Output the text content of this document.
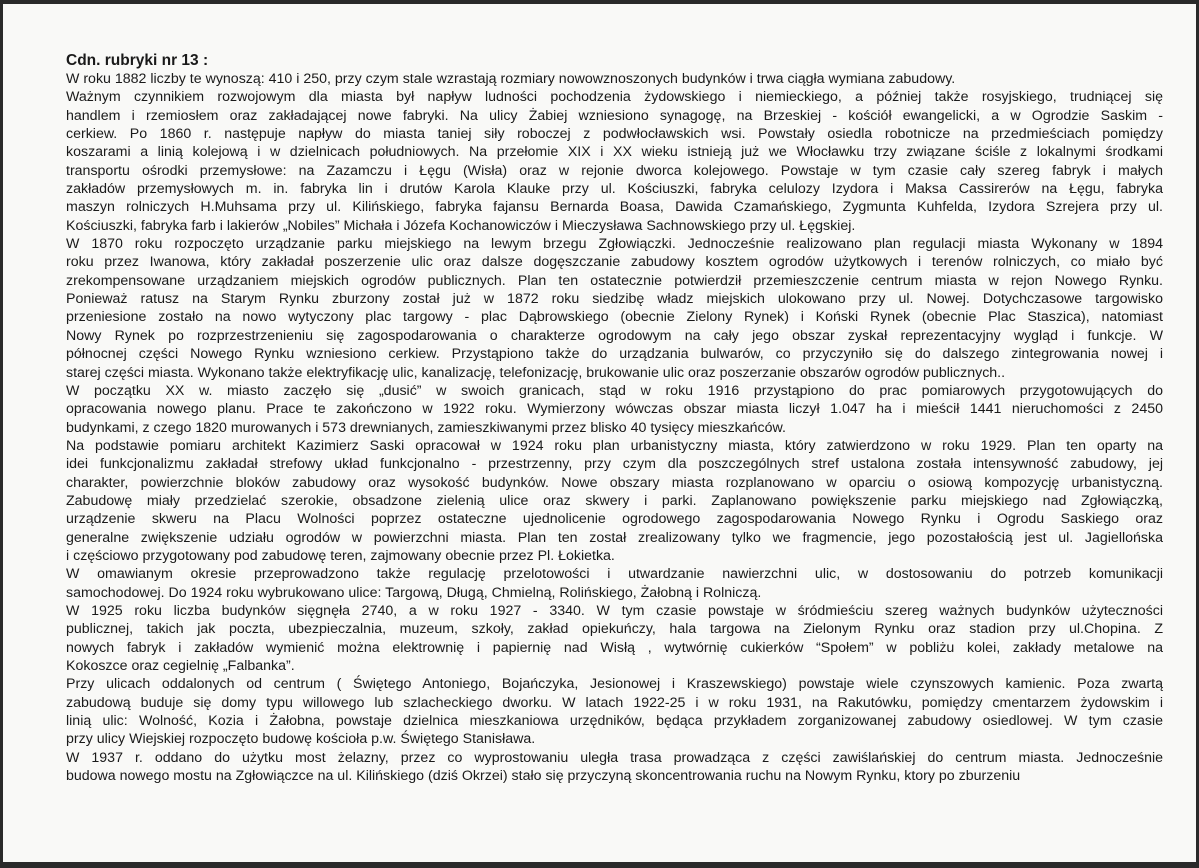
Cdn. rubryki nr 13 :
W roku 1882 liczby te wynoszą: 410 i 250, przy czym stale wzrastają rozmiary nowowznoszonych budynków i trwa ciągła wymiana zabudowy.
Ważnym czynnikiem rozwojowym dla miasta był napływ ludności pochodzenia żydowskiego i niemieckiego, a później także rosyjskiego, trudniącej się
handlem i rzemiosłem oraz zakładającej nowe fabryki. Na ulicy Żabiej wzniesiono synagogę, na Brzeskiej - kościół ewangelicki, a w Ogrodzie Saskim -
cerkiew. Po 1860 r. następuje napływ do miasta taniej siły roboczej z podwłocławskich wsi. Powstały osiedla robotnicze na przedmieściach pomiędzy
koszarami a linią kolejową i w dzielnicach południowych. Na przełomie XIX i XX wieku istnieją już we Włocławku trzy związane ściśle z lokalnymi środkami
transportu ośrodki przemysłowe: na Zazamczu i Łęgu (Wisła) oraz w rejonie dworca kolejowego. Powstaje w tym czasie cały szereg fabryk i małych
zakładów przemysłowych m. in. fabryka lin i drutów Karola Klauke przy ul. Kościuszki, fabryka celulozy Izydora i Maksa Cassirerów na Łęgu, fabryka
maszyn rolniczych H.Muhsama przy ul. Kilińskiego, fabryka fajansu Bernarda Boasa, Dawida Czamańskiego, Zygmunta Kuhfelda, Izydora Szrejera przy ul.
Kościuszki, fabryka farb i lakierów „Nobiles” Michała i Józefa Kochanowiczów i Mieczysława Sachnowskiego przy ul. Łęgskiej.
W 1870 roku rozpoczęto urządzanie parku miejskiego na lewym brzegu Zgłowiączki. Jednocześnie realizowano plan regulacji miasta Wykonany w 1894
roku przez Iwanowa, który zakładał poszerzenie ulic oraz dalsze dogęszczanie zabudowy kosztem ogrodów użytkowych i terenów rolniczych, co miało być
zrekompensowane urządzaniem miejskich ogrodów publicznych. Plan ten ostatecznie potwierdził przemieszczenie centrum miasta w rejon Nowego Rynku.
Ponieważ ratusz na Starym Rynku zburzony został już w 1872 roku siedzibę władz miejskich ulokowano przy ul. Nowej. Dotychczasowe targowisko
przeniesione zostało na nowo wytyczony plac targowy - plac Dąbrowskiego (obecnie Zielony Rynek) i Koński Rynek (obecnie Plac Staszica), natomiast
Nowy Rynek po rozprzestrzenieniu się zagospodarowania o charakterze ogrodowym na cały jego obszar zyskał reprezentacyjny wygląd i funkcje. W
północnej części Nowego Rynku wzniesiono cerkiew. Przystąpiono także do urządzania bulwarów, co przyczyniło się do dalszego zintegrowania nowej i
starej części miasta. Wykonano także elektryfikację ulic, kanalizację, telefonizację, brukowanie ulic oraz poszerzanie obszarów ogrodów publicznych..
W początku XX w. miasto zaczęło się „dusić” w swoich granicach, stąd w roku 1916 przystąpiono do prac pomiarowych przygotowujących do
opracowania nowego planu. Prace te zakończono w 1922 roku. Wymierzony wówczas obszar miasta liczył 1.047 ha i mieścił 1441 nieruchomości z 2450
budynkami, z czego 1820 murowanych i 573 drewnianych, zamieszkiwanymi przez blisko 40 tysięcy mieszkańców.
Na podstawie pomiaru architekt Kazimierz Saski opracował w 1924 roku plan urbanistyczny miasta, który zatwierdzono w roku 1929. Plan ten oparty na
idei funkcjonalizmu zakładał strefowy układ funkcjonalno - przestrzenny, przy czym dla poszczególnych stref ustalona została intensywność zabudowy, jej
charakter, powierzchnie bloków zabudowy oraz wysokość budynków. Nowe obszary miasta rozplanowano w oparciu o osiową kompozycję urbanistyczną.
Zabudowę miały przedzielać szerokie, obsadzone zielenią ulice oraz skwery i parki. Zaplanowano powiększenie parku miejskiego nad Zgłowiączką,
urządzenie skweru na Placu Wolności poprzez ostateczne ujednolicenie ogrodowego zagospodarowania Nowego Rynku i Ogrodu Saskiego oraz
generalne zwiększenie udziału ogrodów w powierzchni miasta. Plan ten został zrealizowany tylko we fragmencie, jego pozostałością jest ul. Jagiellońska
i częściowo przygotowany pod zabudowę teren, zajmowany obecnie przez Pl. Łokietka.
W omawianym okresie przeprowadzono także regulację przelotowości i utwardzanie nawierzchni ulic, w dostosowaniu do potrzeb komunikacji
samochodowej. Do 1924 roku wybrukowano ulice: Targową, Długą, Chmielną, Rolińskiego, Żałobną i Rolniczą.
W 1925 roku liczba budynków sięgnęła 2740, a w roku 1927 - 3340. W tym czasie powstaje w śródmieściu szereg ważnych budynków użyteczności
publicznej, takich jak poczta, ubezpieczalnia, muzeum, szkoły, zakład opiekuńczy, hala targowa na Zielonym Rynku oraz stadion przy ul.Chopina. Z
nowych fabryk i zakładów wymienić można elektrownię i papiernię nad Wisłą , wytwórnię cukierków “Społem” w pobliżu kolei, zakłady metalowe na
Kokoszce oraz cegielnię „Falbanka”.
Przy ulicach oddalonych od centrum ( Świętego Antoniego, Bojańczyka, Jesionowej i Kraszewskiego) powstaje wiele czynszowych kamienic. Poza zwartą
zabudową buduje się domy typu willowego lub szlacheckiego dworku. W latach 1922-25 i w roku 1931, na Rakutówku, pomiędzy cmentarzem żydowskim i
linią ulic: Wolność, Kozia i Żałobna, powstaje dzielnica mieszkaniowa urzędników, będąca przykładem zorganizowanej zabudowy osiedlowej. W tym czasie
przy ulicy Wiejskiej rozpoczęto budowę kościoła p.w. Świętego Stanisława.
W 1937 r. oddano do użytku most żelazny, przez co wyprostowaniu uległa trasa prowadząca z części zawiślańskiej do centrum miasta. Jednocześnie
budowa nowego mostu na Zgłowiączce na ul. Kilińskiego (dziś Okrzei) stało się przyczyną skoncentrowania ruchu na Nowym Rynku, ktory po zburzeniu
